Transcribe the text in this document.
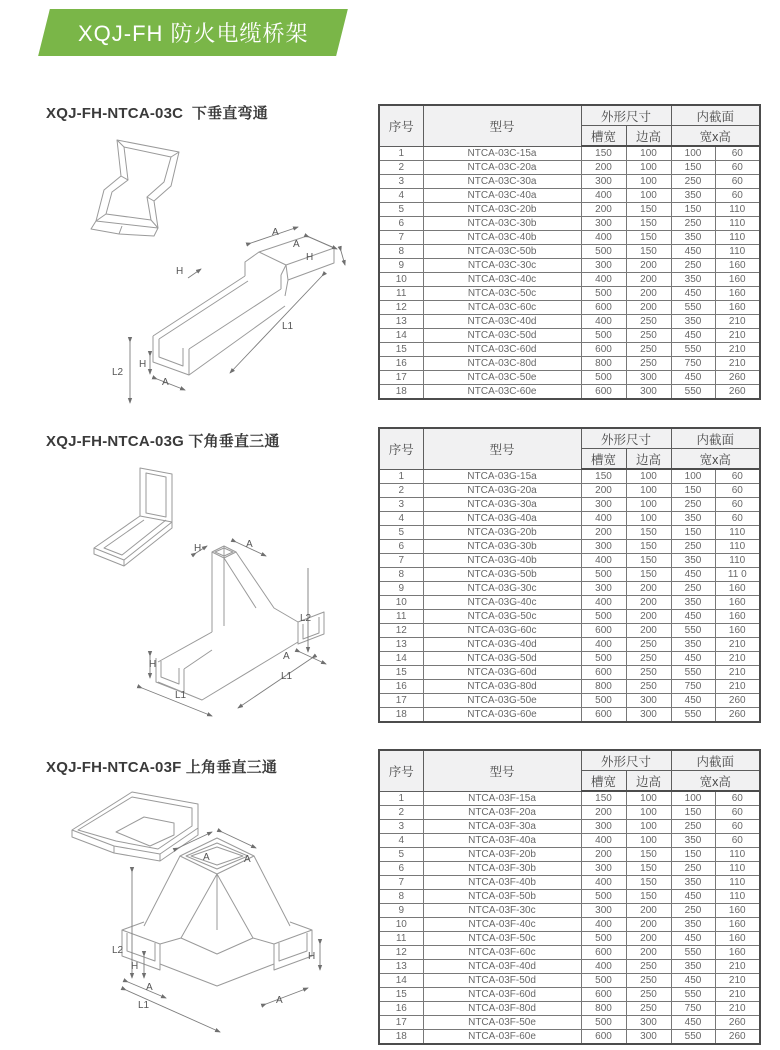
XQJ-FH 防火电缆桥架
XQJ-FH-NTCA-03C  下垂直弯通
A
A
H
H
L1
L2
H
A
序号	型号	外形尺寸		内截面	
		槽宽	边高	宽x高	
1	NTCA-03C-15a	150	100	100	60
2	NTCA-03C-20a	200	100	150	60
3	NTCA-03C-30a	300	100	250	60
4	NTCA-03C-40a	400	100	350	60
5	NTCA-03C-20b	200	150	150	110
6	NTCA-03C-30b	300	150	250	110
7	NTCA-03C-40b	400	150	350	110
8	NTCA-03C-50b	500	150	450	110
9	NTCA-03C-30c	300	200	250	160
10	NTCA-03C-40c	400	200	350	160
11	NTCA-03C-50c	500	200	450	160
12	NTCA-03C-60c	600	200	550	160
13	NTCA-03C-40d	400	250	350	210
14	NTCA-03C-50d	500	250	450	210
15	NTCA-03C-60d	600	250	550	210
16	NTCA-03C-80d	800	250	750	210
17	NTCA-03C-50e	500	300	450	260
18	NTCA-03C-60e	600	300	550	260
XQJ-FH-NTCA-03G 下角垂直三通
H	A
L2
A
L1
H
L1
序号	型号	外形尺寸		内截面	
		槽宽	边高	宽x高	
1	NTCA-03G-15a	150	100	100	60
2	NTCA-03G-20a	200	100	150	60
3	NTCA-03G-30a	300	100	250	60
4	NTCA-03G-40a	400	100	350	60
5	NTCA-03G-20b	200	150	150	110
6	NTCA-03G-30b	300	150	250	110
7	NTCA-03G-40b	400	150	350	110
8	NTCA-03G-50b	500	150	450	11 0
9	NTCA-03G-30c	300	200	250	160
10	NTCA-03G-40c	400	200	350	160
11	NTCA-03G-50c	500	200	450	160
12	NTCA-03G-60c	600	200	550	160
13	NTCA-03G-40d	400	250	350	210
14	NTCA-03G-50d	500	250	450	210
15	NTCA-03G-60d	600	250	550	210
16	NTCA-03G-80d	800	250	750	210
17	NTCA-03G-50e	500	300	450	260
18	NTCA-03G-60e	600	300	550	260
XQJ-FH-NTCA-03F 上角垂直三通
A	A
L2
H
H
A
A
L1
序号	型号	外形尺寸		内截面	
		槽宽	边高	宽x高	
1	NTCA-03F-15a	150	100	100	60
2	NTCA-03F-20a	200	100	150	60
3	NTCA-03F-30a	300	100	250	60
4	NTCA-03F-40a	400	100	350	60
5	NTCA-03F-20b	200	150	150	110
6	NTCA-03F-30b	300	150	250	110
7	NTCA-03F-40b	400	150	350	110
8	NTCA-03F-50b	500	150	450	110
9	NTCA-03F-30c	300	200	250	160
10	NTCA-03F-40c	400	200	350	160
11	NTCA-03F-50c	500	200	450	160
12	NTCA-03F-60c	600	200	550	160
13	NTCA-03F-40d	400	250	350	210
14	NTCA-03F-50d	500	250	450	210
15	NTCA-03F-60d	600	250	550	210
16	NTCA-03F-80d	800	250	750	210
17	NTCA-03F-50e	500	300	450	260
18	NTCA-03F-60e	600	300	550	260
